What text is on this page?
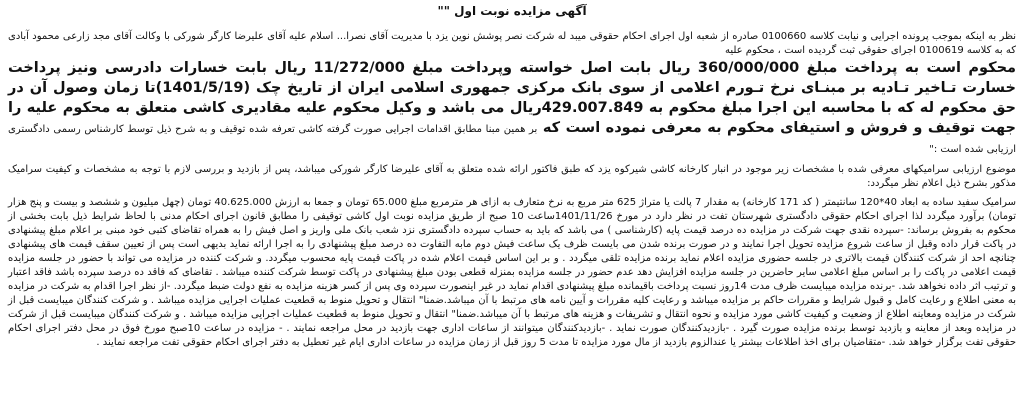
آگهی مزایده نوبت اول ""

نظر به اینکه بموجب پرونده اجرایی و نیابت کلاسه 0100660 صادره از شعبه اول اجرای احکام حقوقی میبد له شرکت نصر پوشش نوین یزد با مدیریت آقای نصرا... اسلام علیه آقای علیرضا کارگر شورکی با وکالت آقای مجد زارعی محمود آبادی که به کلاسه 0100619 اجرای حقوقی ثبت گردیده است ، محکوم علیه

محکوم است به پرداخت مبلغ 360/000/000 ریال بابت اصل خواسته وپرداخت مبلغ 11/272/000 ریال بابت خسارات دادرسی ونیز پرداخت خسارت تـاخیر تـادیه بر مبنـای نرخ تـورم اعلامی از سوی بانک مرکزی جمهوری اسلامی ایران از تاریخ چک (1401/5/19)تا زمان وصول آن در حق محکوم له که با محاسبه این اجرا مبلغ محکوم به 429.007.849ریال می باشد و وکیل محکوم علیه مقادیری کاشی متعلق به محکوم علیه را جهت توقیف و فروش و استیفای محکوم به معرفی نموده است که بر همین مبنا مطابق اقدامات اجرایی صورت گرفته کاشی تعرفه شده توقیف و به شرح ذیل توسط کارشناس رسمی دادگستری ارزیابی شده است :"

موضوع ارزیابی سرامیکهای معرفی شده با مشخصات زیر موجود در انبار کارخانه کاشی شیرکوه یزد که طبق فاکتور ارائه شده متعلق به آقای علیرضا کارگر شورکی میباشد، پس از بازدید و بررسی لازم با توجه به مشخصات و کیفیت سرامیک مذکور بشرح ذیل اعلام نظر میگردد:

سرامیک سفید ساده به ابعاد 40*120 سانتیمتر ( کد 171 کارخانه) به مقدار 7 پالت یا متراژ 625 متر مربع به نرخ متعارف به ازای هر مترمربع مبلغ 65.000 تومان و جمعا به ارزش 40.625.000 تومان (چهل میلیون و ششصد و بیست و پنج هزار تومان) برآورد میگردد لذا اجرای احکام حقوقی دادگستری شهرستان تفت در نظر دارد در مورخ 1401/11/26ساعت 10 صبح از طریق مزایده نوبت اول کاشی توقیفی را مطابق قانون اجرای احکام مدنی با لحاظ شرایط ذیل بابت بخشی از محکوم به بفروش برساند: -سپرده نقدی جهت شرکت در مزایده ده درصد قیمت پایه (کارشناسی ) می باشد که باید به حساب سپرده دادگستری نزد شعب بانک ملی واریز و اصل فیش را به همراه تقاضای کتبی خود مبنی بر اعلام مبلغ پیشنهادی در پاکت قرار داده وقبل از ساعت شروع مزایده تحویل اجرا نمایند و در صورت برنده شدن می بایست ظرف یک ساعت فیش دوم مابه التفاوت ده درصد مبلغ پیشنهادی را به اجرا ارائه نماید بدیهی است پس از تعیین سقف قیمت های پیشنهادی چنانچه احد از شرکت کنندگان قیمت بالاتری در جلسه حضوری مزایده اعلام نماید برنده مزایده تلقی میگردد . و بر این اساس قیمت اعلام شده در پاکت قیمت پایه محسوب میگردد. و شرکت کننده در مزایده می تواند با حضور در جلسه مزایده قیمت اعلامی در پاکت را بر اساس مبلغ اعلامی سایر حاضرین در جلسه مزایده افزایش دهد عدم حضور در جلسه مزایده بمنزله قطعی بودن مبلغ پیشنهادی در پاکت توسط شرکت کننده میباشد . تقاضای که فاقد ده درصد سپرده باشد فاقد اعتبار و ترتیب اثر داده نخواهد شد. -برنده مزایده میبایست ظرف مدت 14روز نسبت پرداخت باقیمانده مبلغ پیشنهادی اقدام نماید در غیر اینصورت سپرده وی پس از کسر هزینه مزایده به نفع دولت ضبط میگردد. -از نظر اجرا اقدام به شرکت در مزایده به معنی اطلاع و رعایت کامل و قبول شرایط و مقررات حاکم بر مزایده میباشد و رعایت کلیه مقررات و آیین نامه های مرتبط با آن میباشد.ضمنا" انتقال و تحویل منوط به قطعیت عملیات اجرایی مزایده میباشد . و شرکت کنندگان میبایست قبل از شرکت در مزایده ومعاینه اطلاع از وضعیت و کیفیت کاشی مورد مزایده و نحوه انتقال و تشریفات و هزینه های مرتبط با آن میباشد.ضمنا" انتقال و تحویل منوط به قطعیت عملیات اجرایی مزایده میباشد . و شرکت کنندگان میبایست قبل از شرکت در مزایده وبعد از معاینه و بازدید توسط برنده مزایده صورت گیرد . -بازدیدکنندگان صورت نماید . -بازدیدکنندگان میتوانند از ساعات اداری جهت بازدید در محل مراجعه نمایند . - مزایده در ساعت 10صبح مورخ فوق در محل دفتر اجرای احکام حقوقی تفت برگزار خواهد شد. -متقاضیان برای اخذ اطلاعات بیشتر یا عندالزوم بازدید از مال مورد مزایده تا مدت 5 روز قبل از زمان مزایده در ساعات اداری ایام غیر تعطیل به دفتر اجرای احکام حقوقی تفت مراجعه نمایند .
